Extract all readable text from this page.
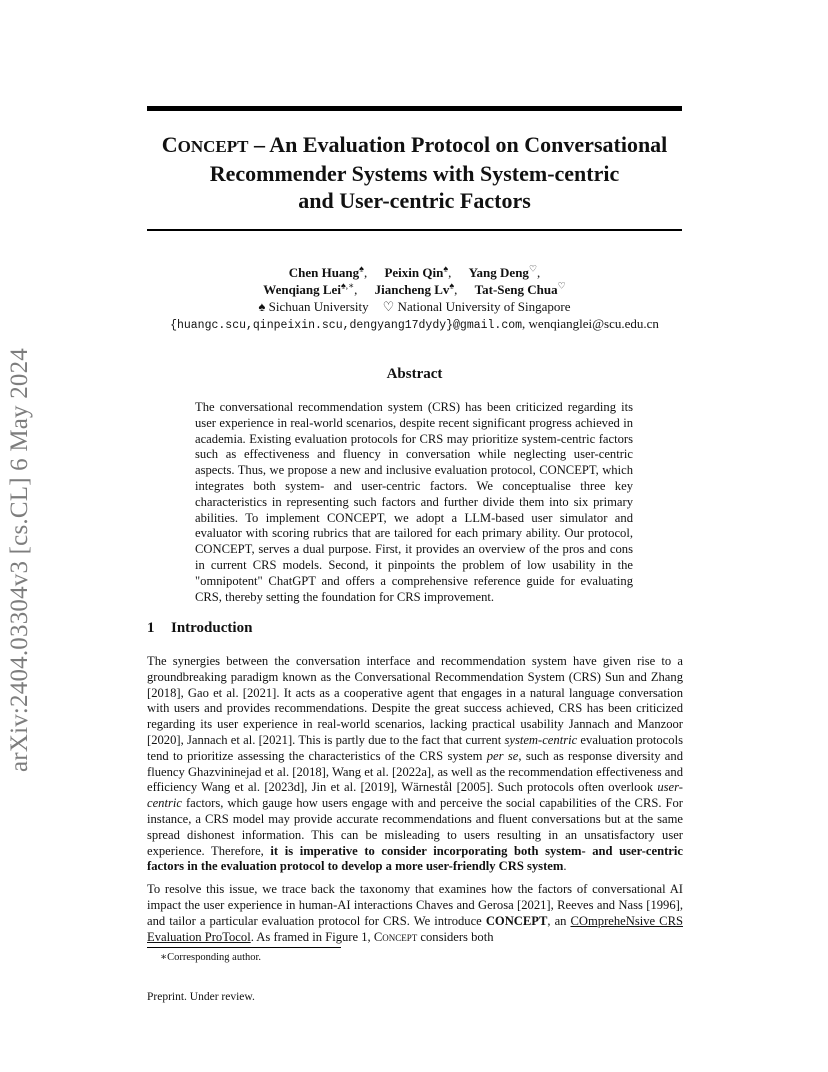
arXiv:2404.03304v3 [cs.CL] 6 May 2024
CONCEPT – An Evaluation Protocol on Conversational
Recommender Systems with System-centric
and User-centric Factors
Chen Huang♠, Peixin Qin♠, Yang Deng♡,
Wenqiang Lei♠,∗, Jiancheng Lv♠, Tat-Seng Chua♡
♠ Sichuan University ♡ National University of Singapore
{huangc.scu,qinpeixin.scu,dengyang17dydy}@gmail.com, wenqianglei@scu.edu.cn
Abstract
The conversational recommendation system (CRS) has been criticized regarding its user experience in real-world scenarios, despite recent significant progress achieved in academia. Existing evaluation protocols for CRS may prioritize system-centric factors such as effectiveness and fluency in conversation while neglecting user-centric aspects. Thus, we propose a new and inclusive evaluation protocol, CONCEPT, which integrates both system- and user-centric factors. We conceptualise three key characteristics in representing such factors and further divide them into six primary abilities. To implement CONCEPT, we adopt a LLM-based user simulator and evaluator with scoring rubrics that are tailored for each primary ability. Our protocol, CONCEPT, serves a dual purpose. First, it provides an overview of the pros and cons in current CRS models. Second, it pinpoints the problem of low usability in the "omnipotent" ChatGPT and offers a comprehensive reference guide for evaluating CRS, thereby setting the foundation for CRS improvement.
1 Introduction

The synergies between the conversation interface and recommendation system have given rise to a groundbreaking paradigm known as the Conversational Recommendation System (CRS) Sun and Zhang [2018], Gao et al. [2021]. It acts as a cooperative agent that engages in a natural language conversation with users and provides recommendations. Despite the great success achieved, CRS has been criticized regarding its user experience in real-world scenarios, lacking practical usability Jannach and Manzoor [2020], Jannach et al. [2021]. This is partly due to the fact that current system-centric evaluation protocols tend to prioritize assessing the characteristics of the CRS system per se, such as response diversity and fluency Ghazvininejad et al. [2018], Wang et al. [2022a], as well as the recommendation effectiveness and efficiency Wang et al. [2023d], Jin et al. [2019], Wärnestål [2005]. Such protocols often overlook user-centric factors, which gauge how users engage with and perceive the social capabilities of the CRS. For instance, a CRS model may provide accurate recommendations and fluent conversations but at the same spread dishonest information. This can be misleading to users resulting in an unsatisfactory user experience. Therefore, it is imperative to consider incorporating both system- and user-centric factors in the evaluation protocol to develop a more user-friendly CRS system.

To resolve this issue, we trace back the taxonomy that examines how the factors of conversational AI impact the user experience in human-AI interactions Chaves and Gerosa [2021], Reeves and Nass [1996], and tailor a particular evaluation protocol for CRS. We introduce CONCEPT, an COmpreheNsive CRS Evaluation ProTocol. As framed in Figure 1, Concept considers both

∗Corresponding author.
Preprint. Under review.
